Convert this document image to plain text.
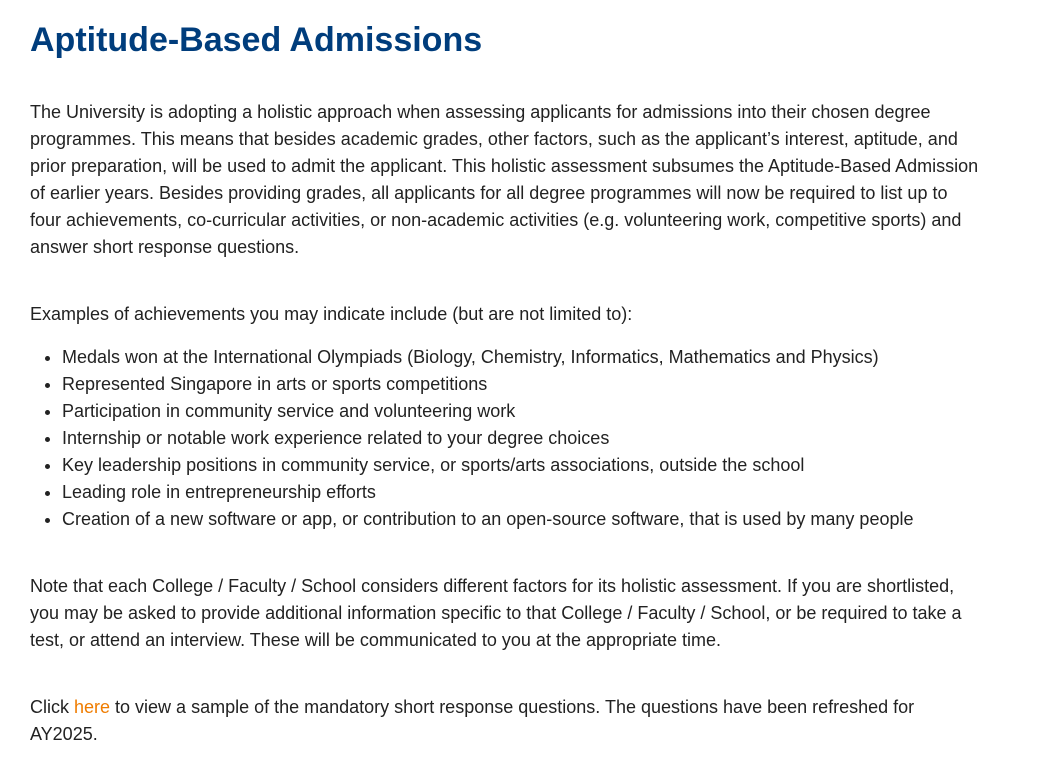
Aptitude-Based Admissions

The University is adopting a holistic approach when assessing applicants for admissions into their chosen degree programmes. This means that besides academic grades, other factors, such as the applicant’s interest, aptitude, and prior preparation, will be used to admit the applicant. This holistic assessment subsumes the Aptitude-Based Admission of earlier years. Besides providing grades, all applicants for all degree programmes will now be required to list up to four achievements, co-curricular activities, or non-academic activities (e.g. volunteering work, competitive sports) and answer short response questions.

Examples of achievements you may indicate include (but are not limited to):

• Medals won at the International Olympiads (Biology, Chemistry, Informatics, Mathematics and Physics)
• Represented Singapore in arts or sports competitions
• Participation in community service and volunteering work
• Internship or notable work experience related to your degree choices
• Key leadership positions in community service, or sports/arts associations, outside the school
• Leading role in entrepreneurship efforts
• Creation of a new software or app, or contribution to an open-source software, that is used by many people

Note that each College / Faculty / School considers different factors for its holistic assessment. If you are shortlisted, you may be asked to provide additional information specific to that College / Faculty / School, or be required to take a test, or attend an interview. These will be communicated to you at the appropriate time.

Click here to view a sample of the mandatory short response questions. The questions have been refreshed for AY2025.
